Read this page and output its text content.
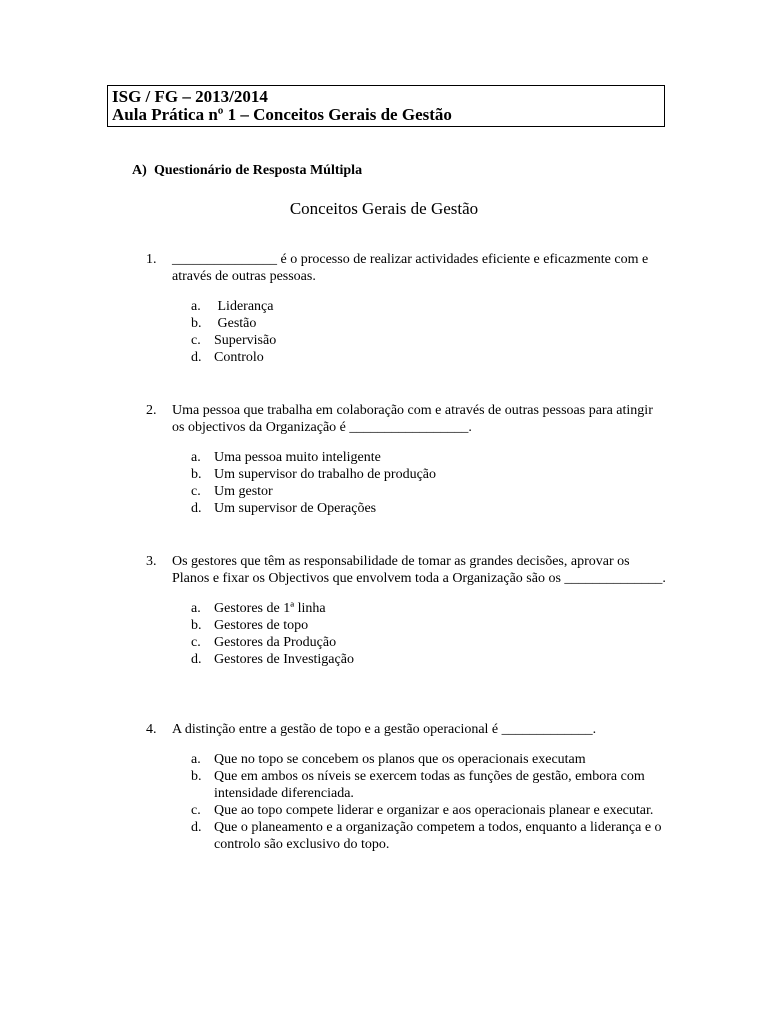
ISG / FG – 2013/2014
Aula Prática nº 1 – Conceitos Gerais de Gestão
A) Questionário de Resposta Múltipla
Conceitos Gerais de Gestão
1. _______________ é o processo de realizar actividades eficiente e eficazmente com e através de outras pessoas.
a. Liderança
b. Gestão
c. Supervisão
d. Controlo
2. Uma pessoa que trabalha em colaboração com e através de outras pessoas para atingir os objectivos da Organização é _________________.
a. Uma pessoa muito inteligente
b. Um supervisor do trabalho de produção
c. Um gestor
d. Um supervisor de Operações
3. Os gestores que têm as responsabilidade de tomar as grandes decisões, aprovar os Planos e fixar os Objectivos que envolvem toda a Organização são os ______________.
a. Gestores de 1ª linha
b. Gestores de topo
c. Gestores da Produção
d. Gestores de Investigação
4. A distinção entre a gestão de topo e a gestão operacional é _____________.
a. Que no topo se concebem os planos que os operacionais executam
b. Que em ambos os níveis se exercem todas as funções de gestão, embora com intensidade diferenciada.
c. Que ao topo compete liderar e organizar e aos operacionais planear e executar.
d. Que o planeamento e a organização competem a todos, enquanto a liderança e o controlo são exclusivo do topo.
